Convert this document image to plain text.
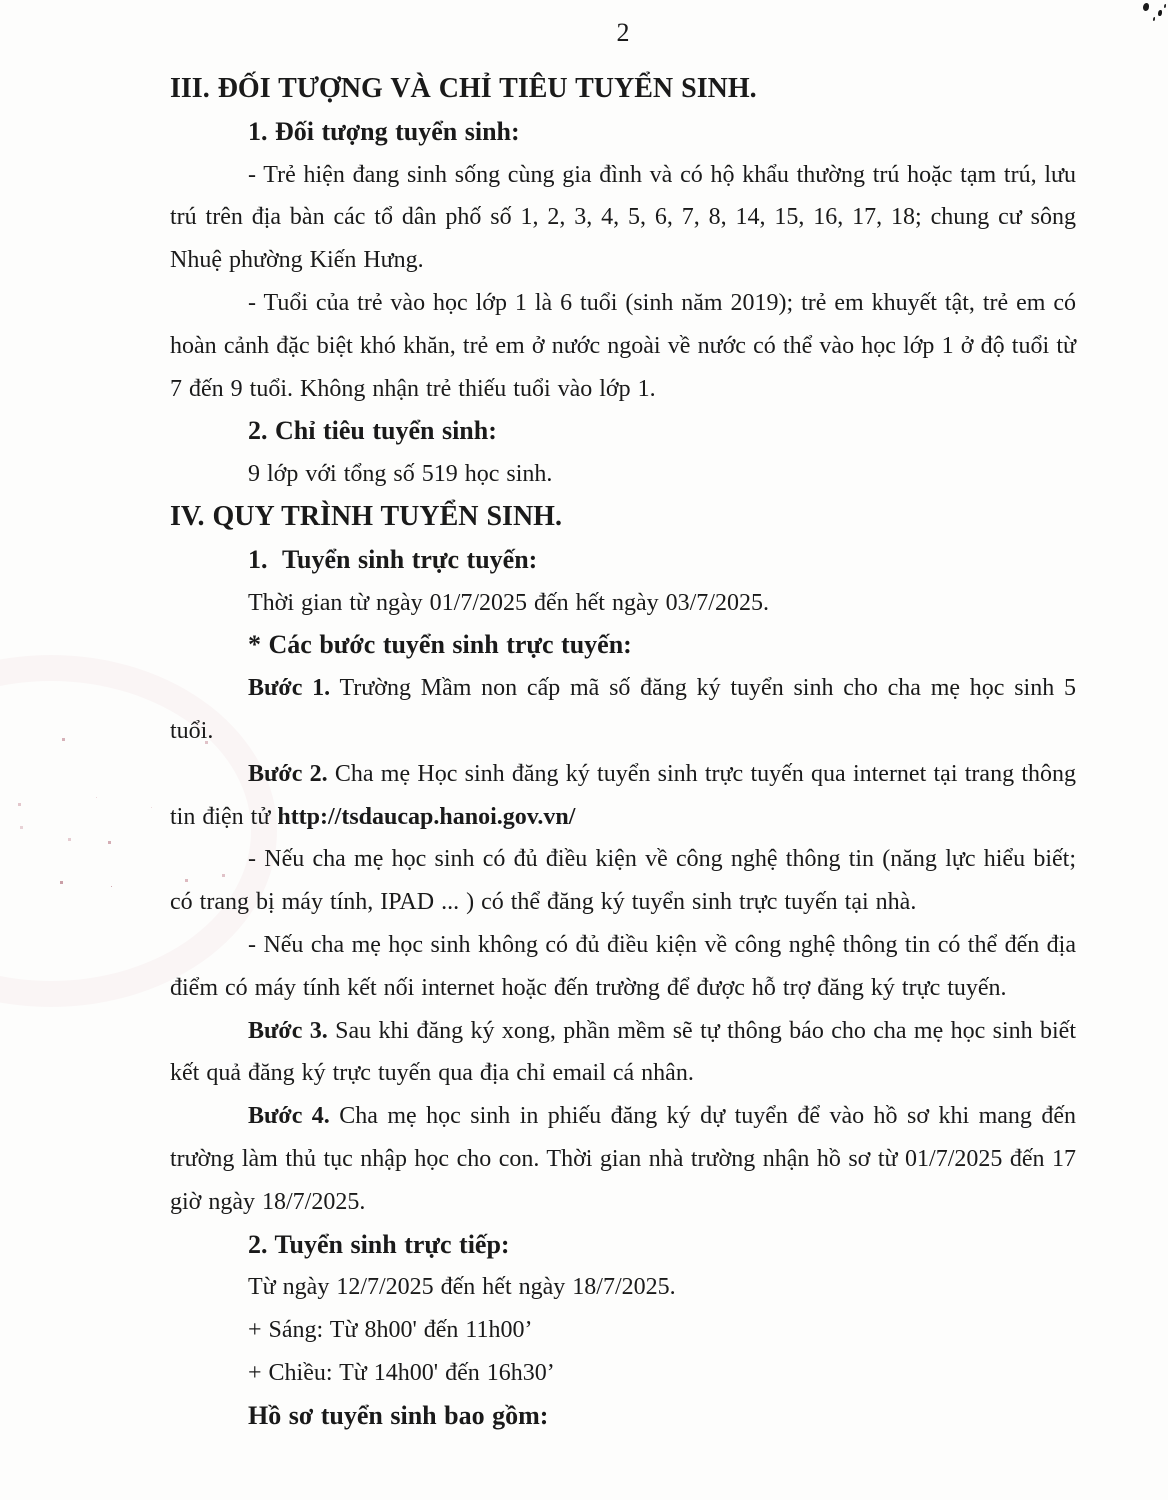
2

III. ĐỐI TƯỢNG VÀ CHỈ TIÊU TUYỂN SINH.

1. Đối tượng tuyển sinh:

- Trẻ hiện đang sinh sống cùng gia đình và có hộ khẩu thường trú hoặc tạm trú, lưu trú trên địa bàn các tổ dân phố số 1, 2, 3, 4, 5, 6, 7, 8, 14, 15, 16, 17, 18; chung cư sông Nhuệ phường Kiến Hưng.

- Tuổi của trẻ vào học lớp 1 là 6 tuổi (sinh năm 2019); trẻ em khuyết tật, trẻ em có hoàn cảnh đặc biệt khó khăn, trẻ em ở nước ngoài về nước có thể vào học lớp 1 ở độ tuổi từ 7 đến 9 tuổi. Không nhận trẻ thiếu tuổi vào lớp 1.

2. Chỉ tiêu tuyển sinh:

9 lớp với tổng số 519 học sinh.

IV. QUY TRÌNH TUYỂN SINH.

1.  Tuyển sinh trực tuyến:

Thời gian từ ngày 01/7/2025 đến hết ngày 03/7/2025.

* Các bước tuyển sinh trực tuyến:

Bước 1. Trường Mầm non cấp mã số đăng ký tuyển sinh cho cha mẹ học sinh 5 tuổi.

Bước 2. Cha mẹ Học sinh đăng ký tuyển sinh trực tuyến qua internet tại trang thông tin điện tử http://tsdaucap.hanoi.gov.vn/

- Nếu cha mẹ học sinh có đủ điều kiện về công nghệ thông tin (năng lực hiểu biết; có trang bị máy tính, IPAD ... ) có thể đăng ký tuyển sinh trực tuyến tại nhà.

- Nếu cha mẹ học sinh không có đủ điều kiện về công nghệ thông tin có thể đến địa điểm có máy tính kết nối internet hoặc đến trường để được hỗ trợ đăng ký trực tuyến.

Bước 3. Sau khi đăng ký xong, phần mềm sẽ tự thông báo cho cha mẹ học sinh biết kết quả đăng ký trực tuyến qua địa chỉ email cá nhân.

Bước 4. Cha mẹ học sinh in phiếu đăng ký dự tuyển để vào hồ sơ khi mang đến trường làm thủ tục nhập học cho con. Thời gian nhà trường nhận hồ sơ từ 01/7/2025 đến 17 giờ ngày 18/7/2025.

2. Tuyển sinh trực tiếp:

Từ ngày 12/7/2025 đến hết ngày 18/7/2025.

+ Sáng: Từ 8h00' đến 11h00’

+ Chiều: Từ 14h00' đến 16h30’

Hồ sơ tuyển sinh bao gồm:
